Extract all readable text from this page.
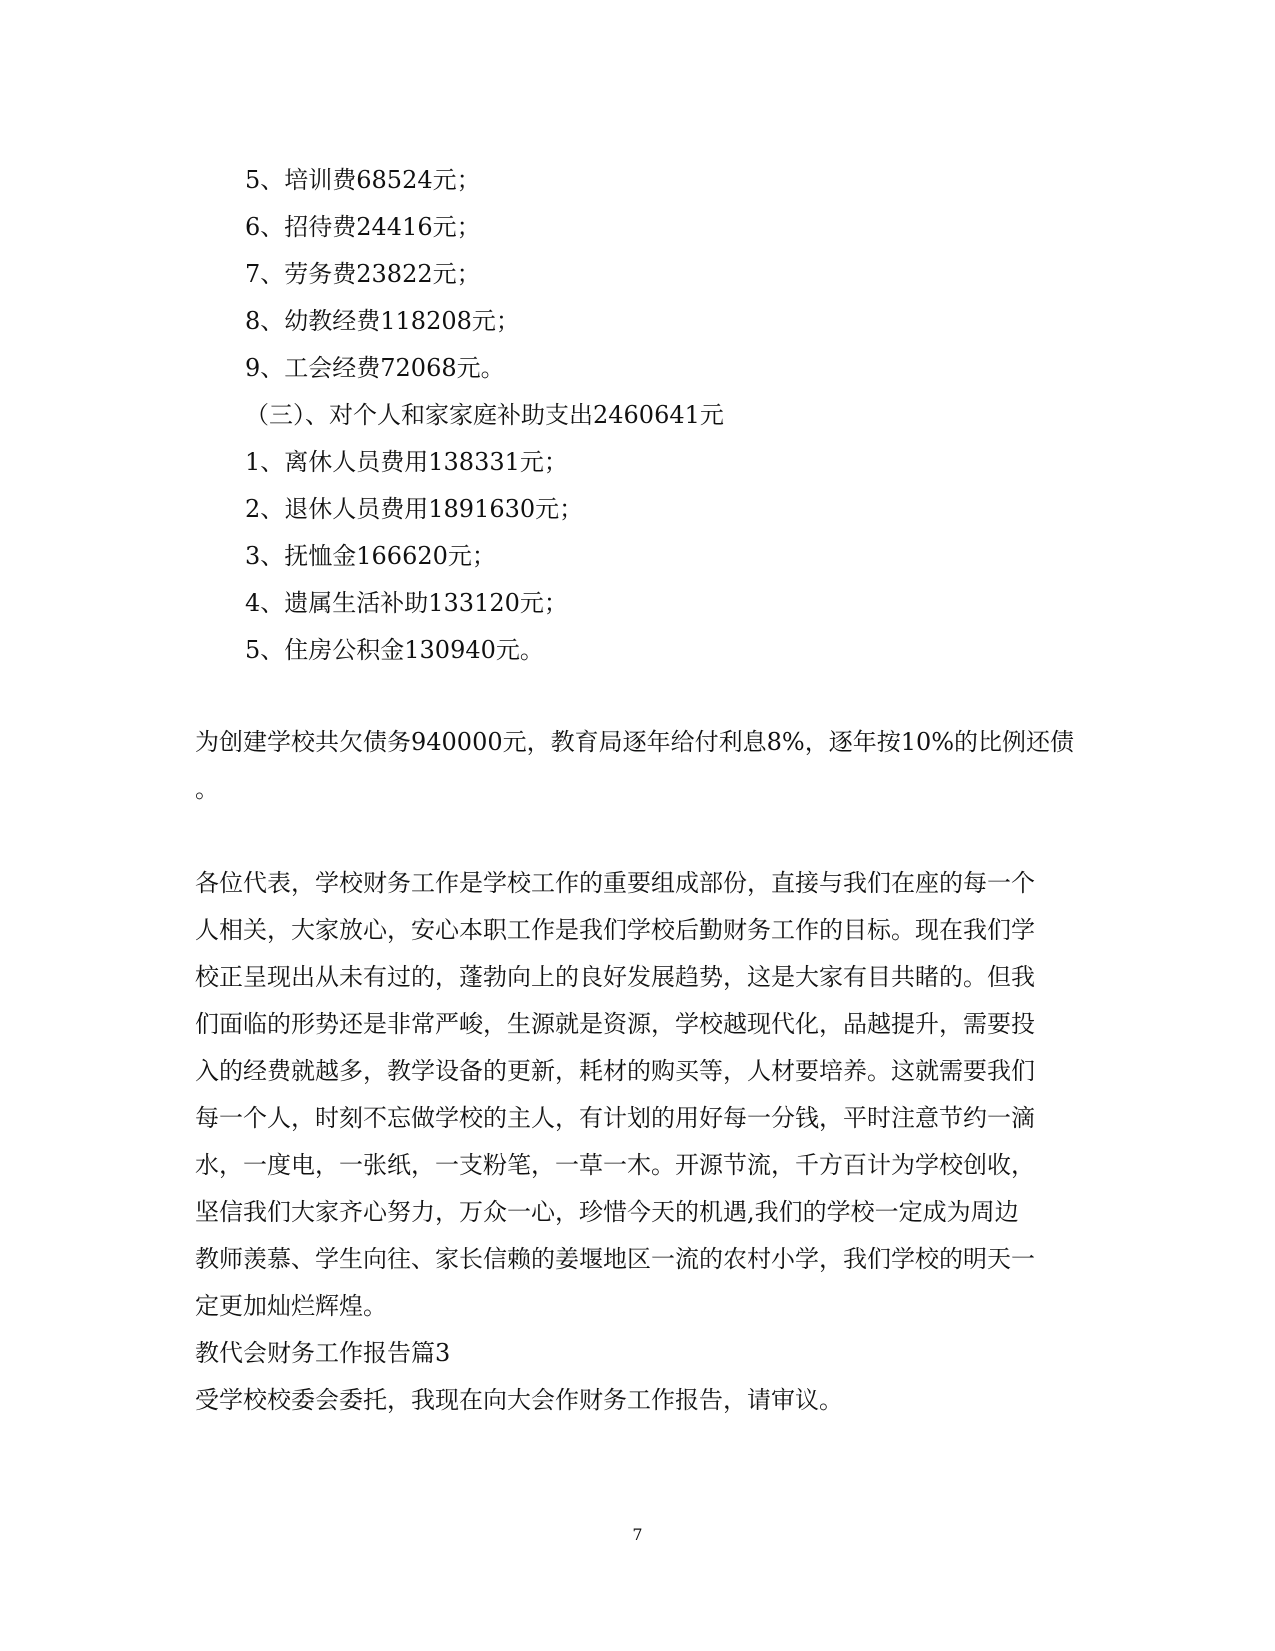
5、培训费68524元；
6、招待费24416元；
7、劳务费23822元；
8、幼教经费118208元；
9、工会经费72068元。
（三）、对个人和家家庭补助支出2460641元
1、离休人员费用138331元；
2、退休人员费用1891630元；
3、抚恤金166620元；
4、遗属生活补助133120元；
5、住房公积金130940元。
为创建学校共欠债务940000元，教育局逐年给付利息8%，逐年按10%的比例还债
。
各位代表，学校财务工作是学校工作的重要组成部份，直接与我们在座的每一个
人相关，大家放心，安心本职工作是我们学校后勤财务工作的目标。现在我们学
校正呈现出从未有过的，蓬勃向上的良好发展趋势，这是大家有目共睹的。但我
们面临的形势还是非常严峻，生源就是资源，学校越现代化，品越提升，需要投
入的经费就越多，教学设备的更新，耗材的购买等，人材要培养。这就需要我们
每一个人，时刻不忘做学校的主人，有计划的用好每一分钱，平时注意节约一滴
水，一度电，一张纸，一支粉笔，一草一木。开源节流，千方百计为学校创收，
坚信我们大家齐心努力，万众一心，珍惜今天的机遇,我们的学校一定成为周边
教师羡慕、学生向往、家长信赖的姜堰地区一流的农村小学，我们学校的明天一
定更加灿烂辉煌。
教代会财务工作报告篇3
受学校校委会委托，我现在向大会作财务工作报告，请审议。
7
